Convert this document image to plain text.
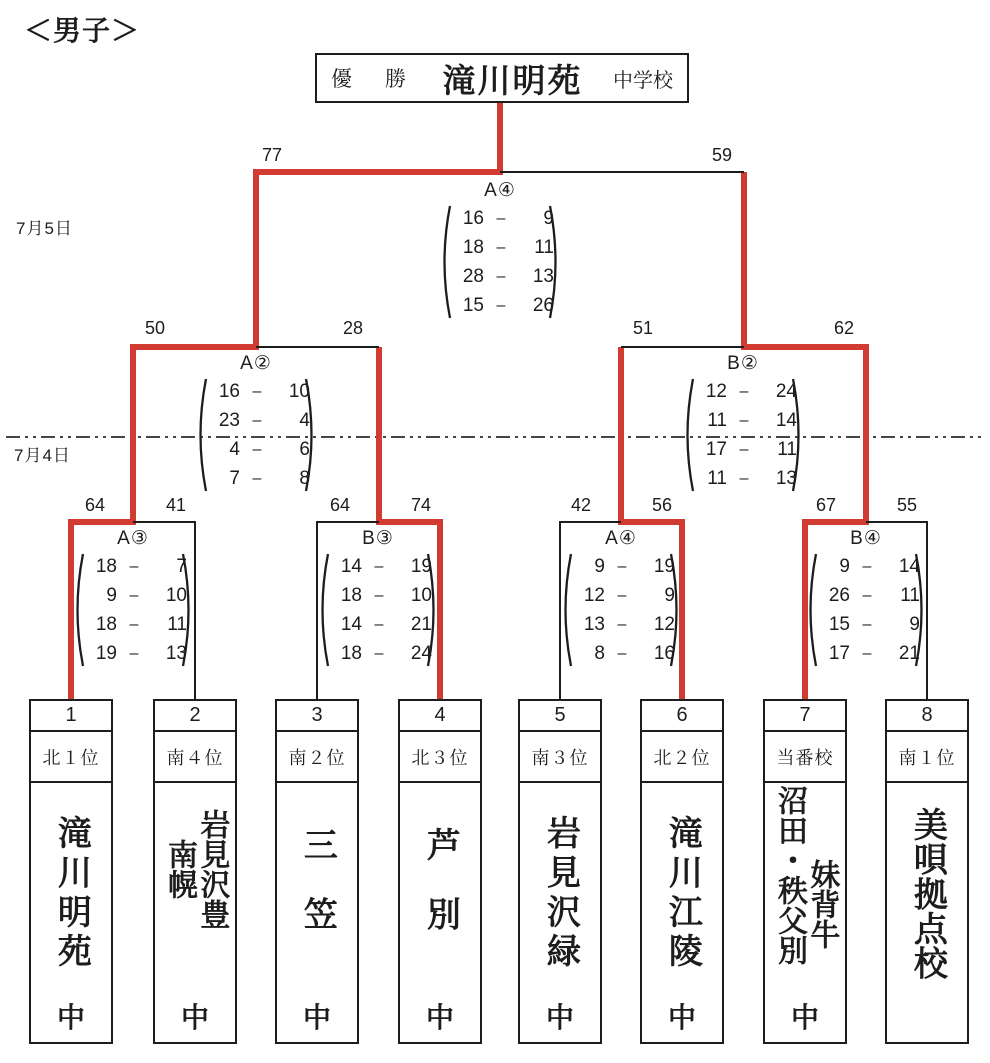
＜男子＞
7月5日
7月4日
優　勝 滝川明苑 中学校
77	59
50	28	51	62
64	41	64	74	42	56	67	55
A④
16 –	9
18 –	11
28 –	13
15 –	26
A②
16 –	10
23 –	4
4 –	6
7 –	8
B②
12 –	24
11 –	14
17 –	11
11 –	13
A③
18 –	7
9 –	10
18 –	11
19 –	13
B③
14 –	19
18 –	10
14 –	21
18 –	24
A④
9 –	19
12 –	9
13 –	12
8 –	16
B④
9 –	14
26 –	11
15 –	9
17 –	21
1
北１位
滝川明苑
中
2
南４位
岩見沢豊
南幌
中
3
南２位
三笠
中
4
北３位
芦別
中
5
南３位
岩見沢緑
中
6
北２位
滝川江陵
中
7
当番校
妹背牛
沼田・秩父別
中
8
南１位
美唄拠点校
